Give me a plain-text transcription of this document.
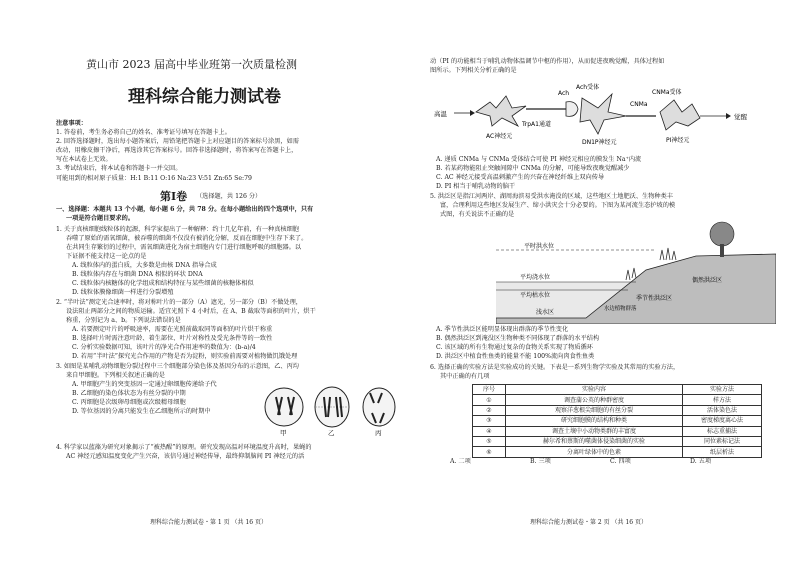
黄山市 2023 届高中毕业班第一次质量检测
理科综合能力测试卷
注意事项：
1. 答卷前，考生务必将自己的姓名、准考证号填写在答题卡上。
2. 回答选择题时，选出每小题答案后，用铅笔把答题卡上对应题目的答案标号涂黑，如需
改动，用橡皮擦干净后，再选涂其它答案标号。回答非选择题时，将答案写在答题卡上，
写在本试卷上无效。
3. 考试结束后，将本试卷和答题卡一并交回。
可能用到的相对原子质量：H:1 B:11 O:16 Na:23 V:51 Zn:65 Se:79
第Ⅰ卷 （选择题，共 126 分）
一、选择题：本题共 13 个小题，每小题 6 分，共 78 分。在每小题给出的四个选项中，只有
一项是符合题目要求的。
1. 关于真核细胞线粒体的起源，科学家提出了一种解释：约十几亿年前，有一种真核细胞
吞噬了原始的需氧细菌，被吞噬的细菌不仅没有被消化分解，反而在细胞中生存下来了。
在共同生存繁衍的过程中，需氧细菌进化为宿主细胞内专门进行细胞呼吸的细胞器。以
下证据不能支持这一论点的是
A. 线粒体内的蛋白质，大多数是由核 DNA 指导合成
B. 线粒体内存在与细菌 DNA 相似的环状 DNA
C. 线粒体内核糖体的化学组成和结构特征与某些细菌的核糖体相似
D. 线粒体膜像细菌一样进行分裂增殖
2. “半叶法”测定光合速率时，将对称叶片的一部分（A）遮光，另一部分（B）不做处理，
设法阻止两部分之间的物质运输。适宜光照下 4 小时后，在 A、B 截取等面积的叶片，烘干
称重，分别记为 a、b。下列说法错误的是
A. 若要测定叶片的呼吸速率，需要在光照前截取同等面积的叶片烘干称重
B. 选择叶片时需注意叶龄、着生部位、叶片对称性及受光条件等的一致性
C. 分析实验数据可知，该叶片的净光合作用速率的数值为：(b-a)/4
D. 若用“半叶法”探究光合作用的产物是否为淀粉，则实验前需要对植物做饥饿处理
3. 如图是某哺乳动物细胞分裂过程中三个细胞部分染色体及基因分布的示意图，乙、丙均
来自甲细胞。下列相关叙述正确的是
A. 甲细胞产生的突变基因一定通过卵细胞传递给子代
B. 乙细胞的染色体状态为有丝分裂的中期
C. 丙细胞是次级卵母细胞或次级精母细胞
D. 等位基因的分离只能发生在乙细胞所示的时期中
甲	乙	丙
4. 科学家以蓝藻为研究对象揭示了“被热醒”的原理。研究发现高温对环境温度升高时，果蝇的
AC 神经元感知温度变化产生兴奋，该信号通过神经传导，最终抑制脑间 PI 神经元的活
理科综合能力测试卷・第 1 页 （共 16 页）
动（PI 的功能相当于哺乳动物体温调节中枢的作用），从而促进夜晚觉醒，具体过程如
图所示。下列相关分析正确的是
高温
AC神经元
TrpA1通道
Ach
Ach受体
DN1P神经元
CNMa
CNMa受体
PI神经元
觉醒
A. 递质 CNMa 与 CNMa 受体结合可使 PI 神经元相应的膜发生 Na⁺内流
B. 若某药物能阻止突触间隙中 CNMa 的分解，可能导致夜晚觉醒减少
C. AC 神经元接受高温刺激产生的兴奋在神经纤维上双向传导
D. PI 相当于哺乳动物的脑干
5. 洪泛区是指江河两岸、湖周海滨易受洪水淹没的区域，这些地区土地肥沃、生物种类丰
富，合理利用这些地区发展生产、缔小洪灾会十分必要的。下图为某河流生态护坡的模
式图，有关说法不正确的是
平时洪水位
平均浇水位
平均枯水位	季节性洪泛区
偶然洪泛区
浅水区	水边植物群落
A. 季节性洪泛区能明显体现出群落的季节性变化
B. 偶然洪泛区到淹没区生物种类不同体现了群落的水平结构
C. 该区域的所有生物通过复杂的食物关系实现了物质循环
D. 洪泛区中植食性鱼类的能量不能 100%流向肉食性鱼类
6. 选择正确的实验方法是实验成功的关键。下表是一系列生物学实验及其常用的实验方法，
其中正确的有几项
序号	实验内容	实验方法
①	调查蒲公英的种群密度	样方法
②	观察洋葱根尖细胞的有丝分裂	活体染色法
③	研究细胞膜的结构和种类	密度梯度离心法
④	调查土壤中小动物类群的丰富度	标志重捕法
⑤	赫尔希和蔡斯的噬菌体侵染细菌的实验	同位素标记法
⑥	分离叶绿体中的色素	纸层析法
A. 二项	B. 三项	C. 四项	D. 五项
理科综合能力测试卷・第 2 页 （共 16 页）
